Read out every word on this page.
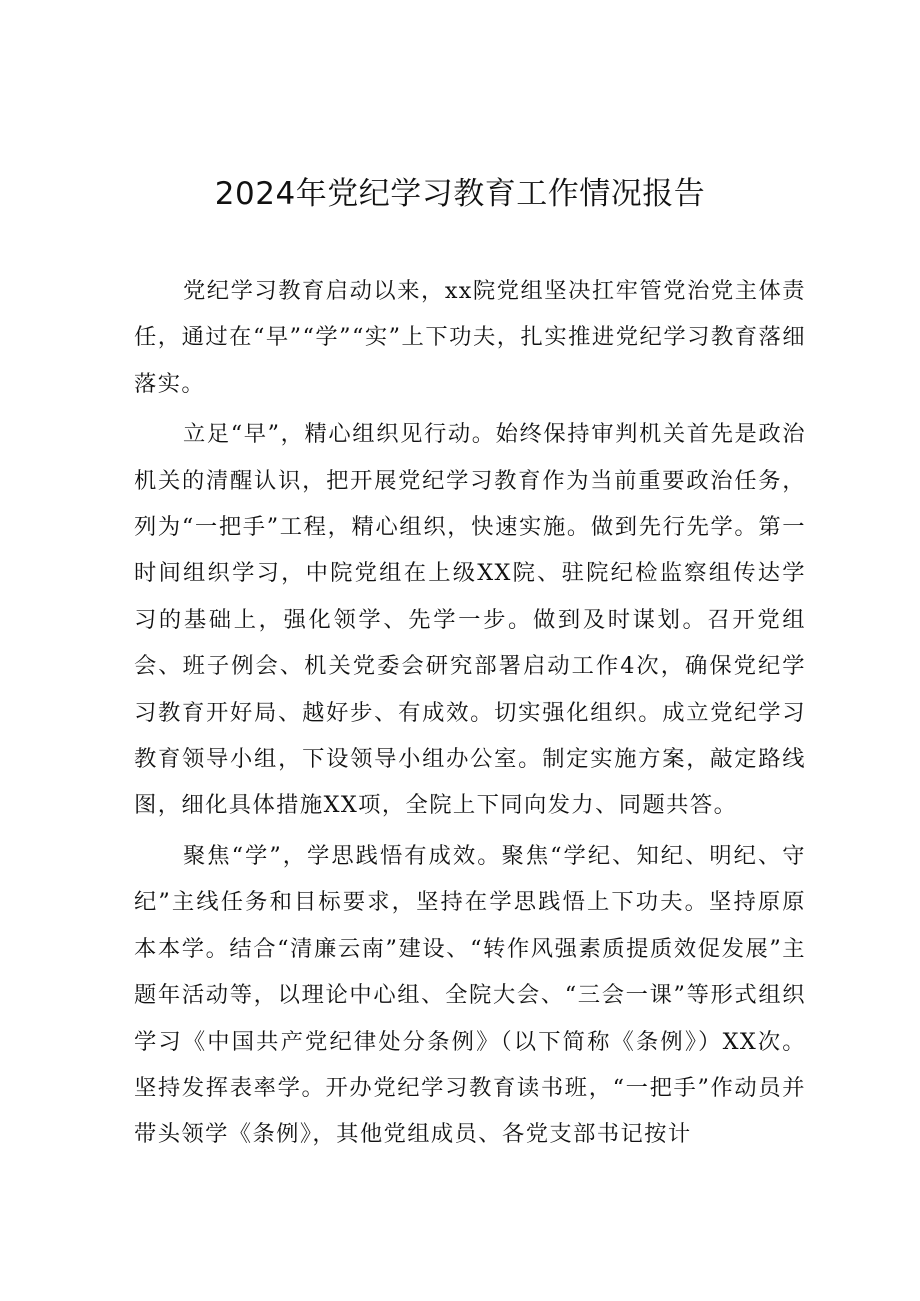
2024年党纪学习教育工作情况报告

党纪学习教育启动以来，xx院党组坚决扛牢管党治党主体责任，通过在“早”“学”“实”上下功夫，扎实推进党纪学习教育落细落实。

立足“早”，精心组织见行动。始终保持审判机关首先是政治机关的清醒认识，把开展党纪学习教育作为当前重要政治任务，列为“一把手”工程，精心组织，快速实施。做到先行先学。第一时间组织学习，中院党组在上级XX院、驻院纪检监察组传达学习的基础上，强化领学、先学一步。做到及时谋划。召开党组会、班子例会、机关党委会研究部署启动工作4次，确保党纪学习教育开好局、越好步、有成效。切实强化组织。成立党纪学习教育领导小组，下设领导小组办公室。制定实施方案，敲定路线图，细化具体措施XX项，全院上下同向发力、同题共答。

聚焦“学”，学思践悟有成效。聚焦“学纪、知纪、明纪、守纪”主线任务和目标要求，坚持在学思践悟上下功夫。坚持原原本本学。结合“清廉云南”建设、“转作风强素质提质效促发展”主题年活动等，以理论中心组、全院大会、“三会一课”等形式组织学习《中国共产党纪律处分条例》（以下简称《条例》）XX次。坚持发挥表率学。开办党纪学习教育读书班，“一把手”作动员并带头领学《条例》，其他党组成员、各党支部书记按计
